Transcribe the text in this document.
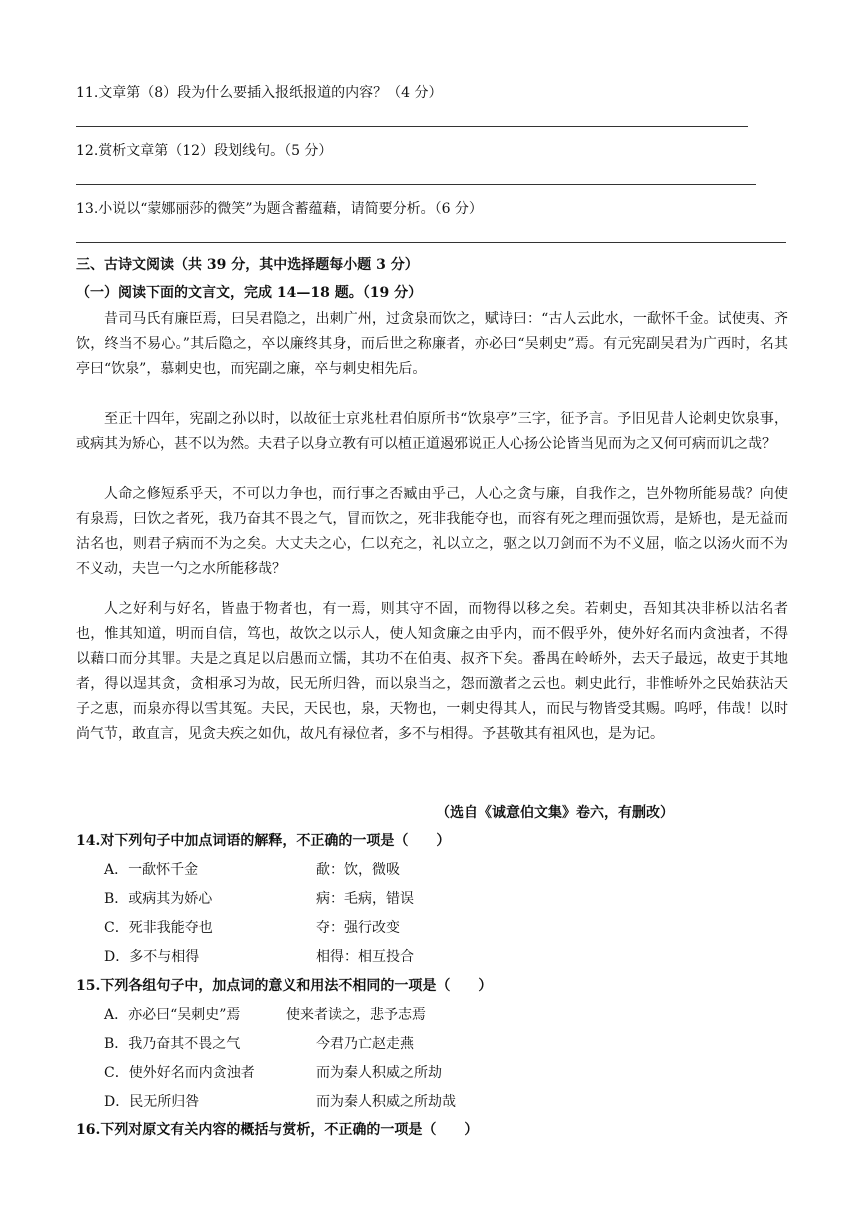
11.文章第（8）段为什么要插入报纸报道的内容？（4 分）
12.赏析文章第（12）段划线句。（5 分）
13.小说以“蒙娜丽莎的微笑”为题含蓄蕴藉，请简要分析。（6 分）
三、古诗文阅读（共 39 分，其中选择题每小题 3 分）
（一）阅读下面的文言文，完成 14—18 题。（19 分）
昔司马氏有廉臣焉，曰吴君隐之，出刺广州，过贪泉而饮之，赋诗曰：“古人云此水，一歃怀千金。试使夷、齐饮，终当不易心。”其后隐之，卒以廉终其身，而后世之称廉者，亦必曰“吴刺史”焉。有元宪副吴君为广西时，名其亭曰“饮泉”，慕刺史也，而宪副之廉，卒与刺史相先后。
至正十四年，宪副之孙以时，以故征士京兆杜君伯原所书“饮泉亭”三字，征予言。予旧见昔人论刺史饮泉事，或病其为矫心，甚不以为然。夫君子以身立教有可以植正道遏邪说正人心扬公论皆当见而为之又何可病而讥之哉？
人命之修短系乎天，不可以力争也，而行事之否臧由乎己，人心之贪与廉，自我作之，岂外物所能易哉？向使有泉焉，曰饮之者死，我乃奋其不畏之气，冒而饮之，死非我能夺也，而容有死之理而强饮焉，是矫也，是无益而沽名也，则君子病而不为之矣。大丈夫之心，仁以充之，礼以立之，驱之以刀剑而不为不义屈，临之以汤火而不为不义动，夫岂一勺之水所能移哉？
人之好利与好名，皆蛊于物者也，有一焉，则其守不固，而物得以移之矣。若刺史，吾知其决非桥以沽名者也，惟其知道，明而自信，笃也，故饮之以示人，使人知贪廉之由乎内，而不假乎外，使外好名而内贪浊者，不得以藉口而分其罪。夫是之真足以启愚而立懦，其功不在伯夷、叔齐下矣。番禺在岭峤外，去天子最远，故吏于其地者，得以逞其贪，贪相承习为故，民无所归咎，而以泉当之，怨而激者之云也。刺史此行，非惟峤外之民始获沾天子之恵，而泉亦得以雪其冤。夫民，天民也，泉，天物也，一刺史得其人，而民与物皆受其赐。呜呼，伟哉！以时尚气节，敢直言，见贪夫疾之如仇，故凡有禄位者，多不与相得。予甚敬其有祖风也，是为记。
（选自《诚意伯文集》卷六，有删改）
14.对下列句子中加点词语的解释，不正确的一项是（　　）
A．一歃怀千金	歃：饮，微吸
B．或病其为娇心	病：毛病，错误
C．死非我能夺也	夺：强行改变
D．多不与相得	相得：相互投合
15.下列各组句子中，加点词的意义和用法不相同的一项是（　　）
A．亦必曰“吴刺史”焉	使来者读之，悲予志焉
B．我乃奋其不畏之气	今君乃亡赵走燕
C．使外好名而内贪浊者	而为秦人积威之所劫
D．民无所归咎	而为秦人积威之所劫哉
16.下列对原文有关内容的概括与赏析，不正确的一项是（　　）
